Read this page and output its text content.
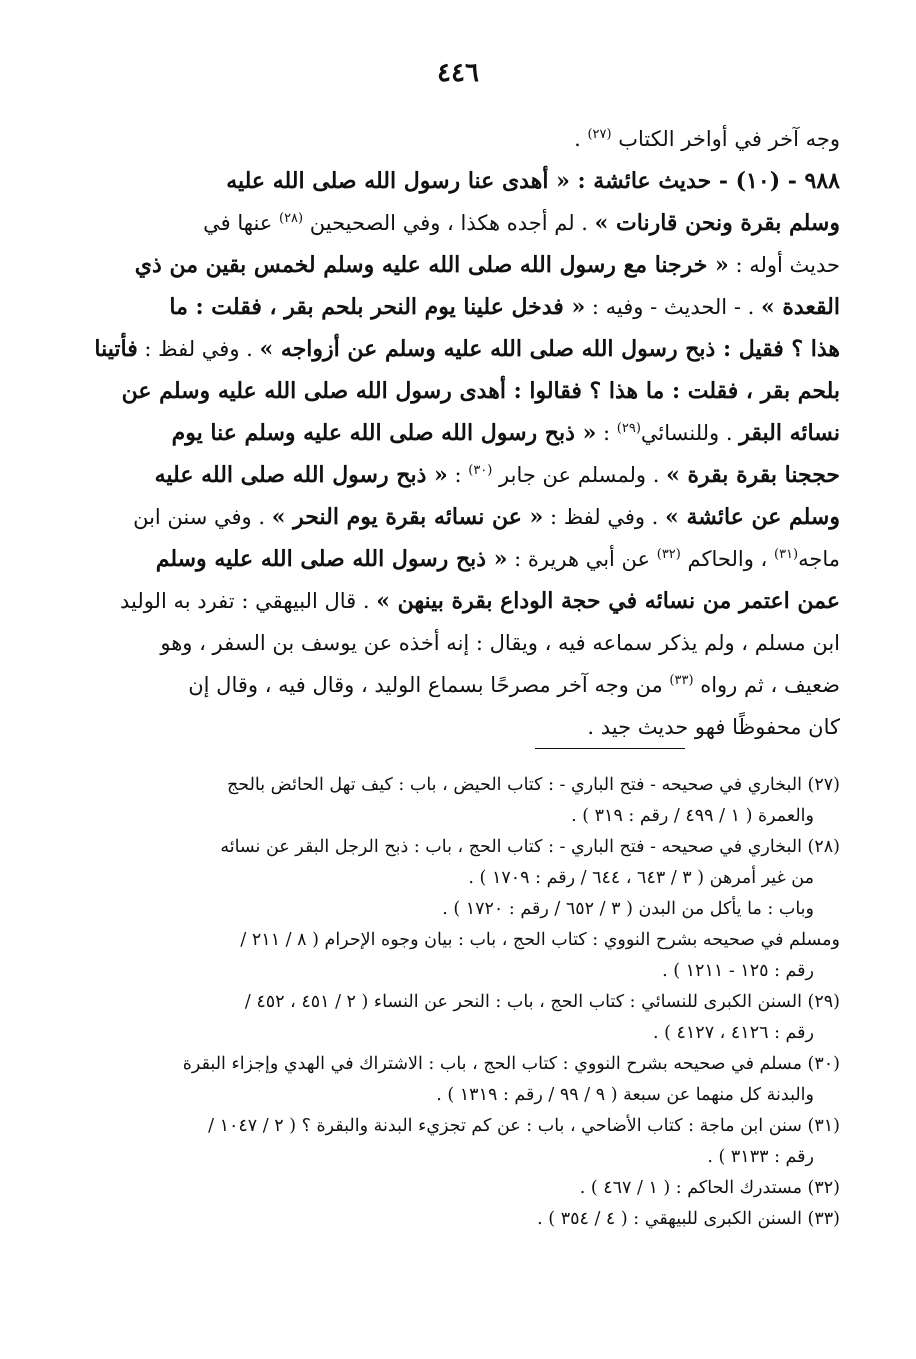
٤٤٦
وجه آخر في أواخر الكتاب $^{(٢٧)}$ .
٩٨٨ - (١٠) - حديث عائشة : « أهدى عنا رسول الله صلى الله عليه
وسلم بقرة ونحن قارنات » . لم أجده هكذا ، وفي الصحيحين $^{(٢٨)}$ عنها في
حديث أوله : « خرجنا مع رسول الله صلى الله عليه وسلم لخمس بقين من ذي
القعدة » . - الحديث - وفيه : « فدخل علينا يوم النحر بلحم بقر ، فقلت : ما
هذا ؟ فقيل : ذبح رسول الله صلى الله عليه وسلم عن أزواجه » . وفي لفظ : فأتينا
بلحم بقر ، فقلت : ما هذا ؟ فقالوا : أهدى رسول الله صلى الله عليه وسلم عن
نسائه البقر . وللنسائي$^{(٢٩)}$ : « ذبح رسول الله صلى الله عليه وسلم عنا يوم
حججنا بقرة بقرة » . ولمسلم عن جابر $^{(٣٠)}$ : « ذبح رسول الله صلى الله عليه
وسلم عن عائشة » . وفي لفظ : « عن نسائه بقرة يوم النحر » . وفي سنن ابن
ماجه$^{(٣١)}$ ، والحاكم $^{(٣٢)}$ عن أبي هريرة : « ذبح رسول الله صلى الله عليه وسلم
عمن اعتمر من نسائه في حجة الوداع بقرة بينهن » . قال البيهقي : تفرد به الوليد
ابن مسلم ، ولم يذكر سماعه فيه ، ويقال : إنه أخذه عن يوسف بن السفر ، وهو
ضعيف ، ثم رواه $^{(٣٣)}$ من وجه آخر مصرحًا بسماع الوليد ، وقال فيه ، وقال إن
كان محفوظًا فهو حديث جيد .
(٢٧) البخاري في صحيحه - فتح الباري - : كتاب الحيض ، باب : كيف تهل الحائض بالحج
والعمرة ( ١ / ٤٩٩ / رقم : ٣١٩ ) .
(٢٨) البخاري في صحيحه - فتح الباري - : كتاب الحج ، باب : ذبح الرجل البقر عن نسائه
من غير أمرهن ( ٣ / ٦٤٣ ، ٦٤٤ / رقم : ١٧٠٩ ) .
وباب : ما يأكل من البدن ( ٣ / ٦٥٢ / رقم : ١٧٢٠ ) .
ومسلم في صحيحه بشرح النووي : كتاب الحج ، باب : بيان وجوه الإحرام ( ٨ / ٢١١ /
رقم : ١٢٥ - ١٢١١ ) .
(٢٩) السنن الكبرى للنسائي : كتاب الحج ، باب : النحر عن النساء ( ٢ / ٤٥١ ، ٤٥٢ /
رقم : ٤١٢٦ ، ٤١٢٧ ) .
(٣٠) مسلم في صحيحه بشرح النووي : كتاب الحج ، باب : الاشتراك في الهدي وإجزاء البقرة
والبدنة كل منهما عن سبعة ( ٩ / ٩٩ / رقم : ١٣١٩ ) .
(٣١) سنن ابن ماجة : كتاب الأضاحي ، باب : عن كم تجزيء البدنة والبقرة ؟ ( ٢ / ١٠٤٧ /
رقم : ٣١٣٣ ) .
(٣٢) مستدرك الحاكم : ( ١ / ٤٦٧ ) .
(٣٣) السنن الكبرى للبيهقي : ( ٤ / ٣٥٤ ) .
